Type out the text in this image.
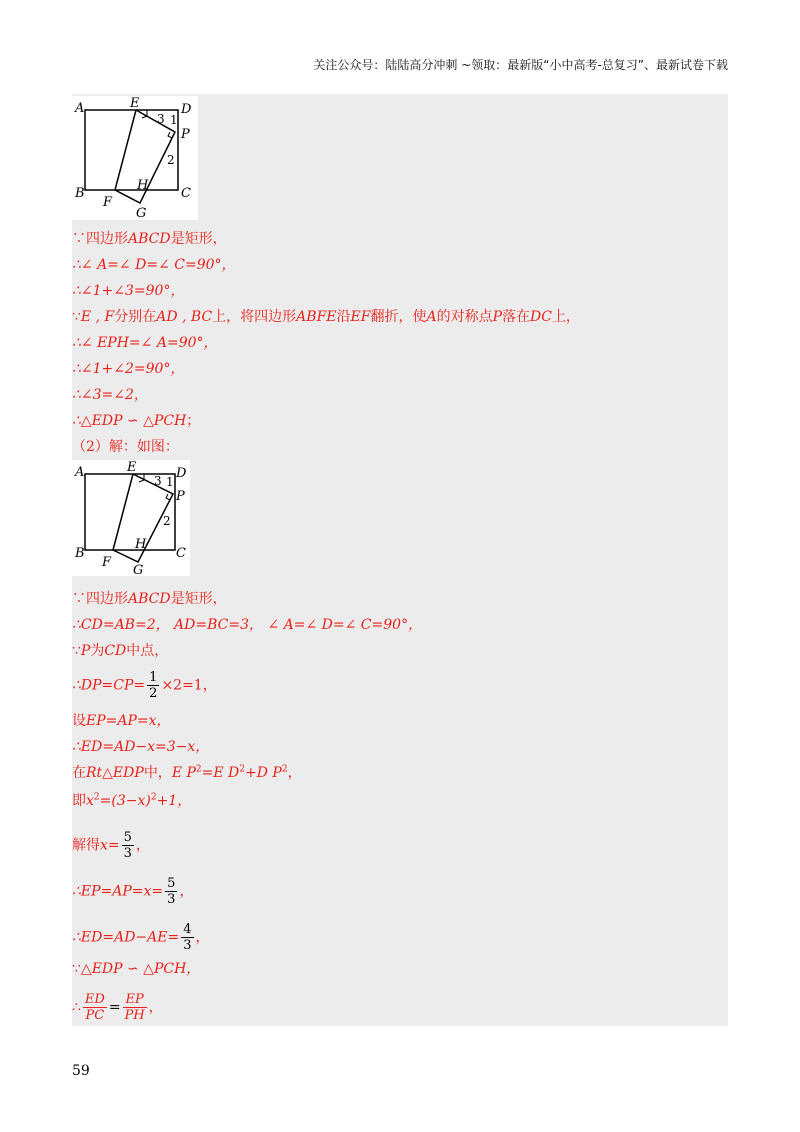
关注公众号：陆陆高分冲刺 ~领取：最新版“小中高考-总复习”、最新试卷下载
A	E	D
P
B
F
H
G
C
1
2
3
∵四边形ABCD是矩形，
∴∠ A=∠ D=∠ C=90°，
∴∠1+∠3=90°，
∵E , F分别在AD , BC上，将四边形ABFE沿EF翻折，使A的对称点P落在DC上，
∴∠ EPH=∠ A=90°，
∴∠1+∠2=90°，
∴∠3=∠2，
∴△EDP ∽ △PCH；
（2）解：如图：
A	E	D
P
B
F
H
G
C
1
2
3
∵四边形ABCD是矩形，
∴CD=AB=2， AD=BC=3， ∠ A=∠ D=∠ C=90°，
∵P为CD中点，
∴DP=CP= $\frac{1}{2} \times 2=1$，
设EP=AP=x，
∴ED=AD−x=3−x，
在Rt△EDP中，E $P^2=E$ $D^2+D$ $P^2$，
即$x^2=(3-x)^2+1$，
解得$x= \frac{5}{3}$ ，
∴EP=AP=x= $\frac{5}{3}$ ，
∴ED=AD−AE= $\frac{4}{3}$ ，
∵△EDP ∽ △PCH，
∴ $\frac{ED}{PC} = \frac{EP}{PH}$ ，
59
